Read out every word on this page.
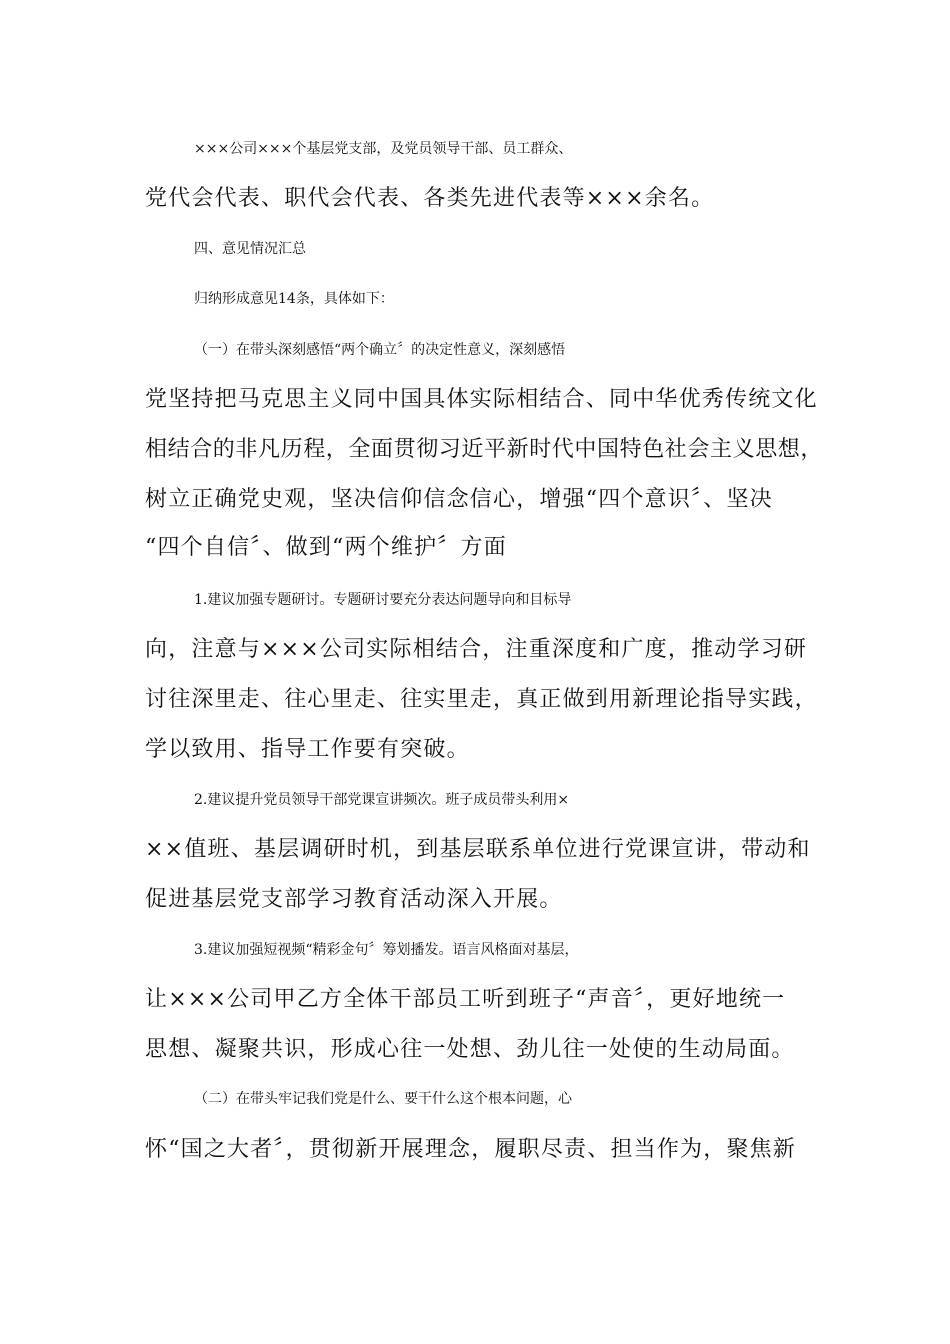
×××公司×××个基层党支部，及党员领导干部、员工群众、
党代会代表、职代会代表、各类先进代表等×××余名。
四、意见情况汇总
归纳形成意见14条，具体如下：
（一）在带头深刻感悟“两个确立〞的决定性意义，深刻感悟
党坚持把马克思主义同中国具体实际相结合、同中华优秀传统文化
相结合的非凡历程，全面贯彻习近平新时代中国特色社会主义思想，
树立正确党史观，坚决信仰信念信心，增强“四个意识〞、坚决
“四个自信〞、做到“两个维护〞方面
1.建议加强专题研讨。专题研讨要充分表达问题导向和目标导
向，注意与×××公司实际相结合，注重深度和广度，推动学习研
讨往深里走、往心里走、往实里走，真正做到用新理论指导实践，
学以致用、指导工作要有突破。
2.建议提升党员领导干部党课宣讲频次。班子成员带头利用×
××值班、基层调研时机，到基层联系单位进行党课宣讲，带动和
促进基层党支部学习教育活动深入开展。
3.建议加强短视频“精彩金句〞筹划播发。语言风格面对基层，
让×××公司甲乙方全体干部员工听到班子“声音〞，更好地统一
思想、凝聚共识，形成心往一处想、劲儿往一处使的生动局面。
（二）在带头牢记我们党是什么、要干什么这个根本问题，心
怀“国之大者〞，贯彻新开展理念，履职尽责、担当作为，聚焦新
